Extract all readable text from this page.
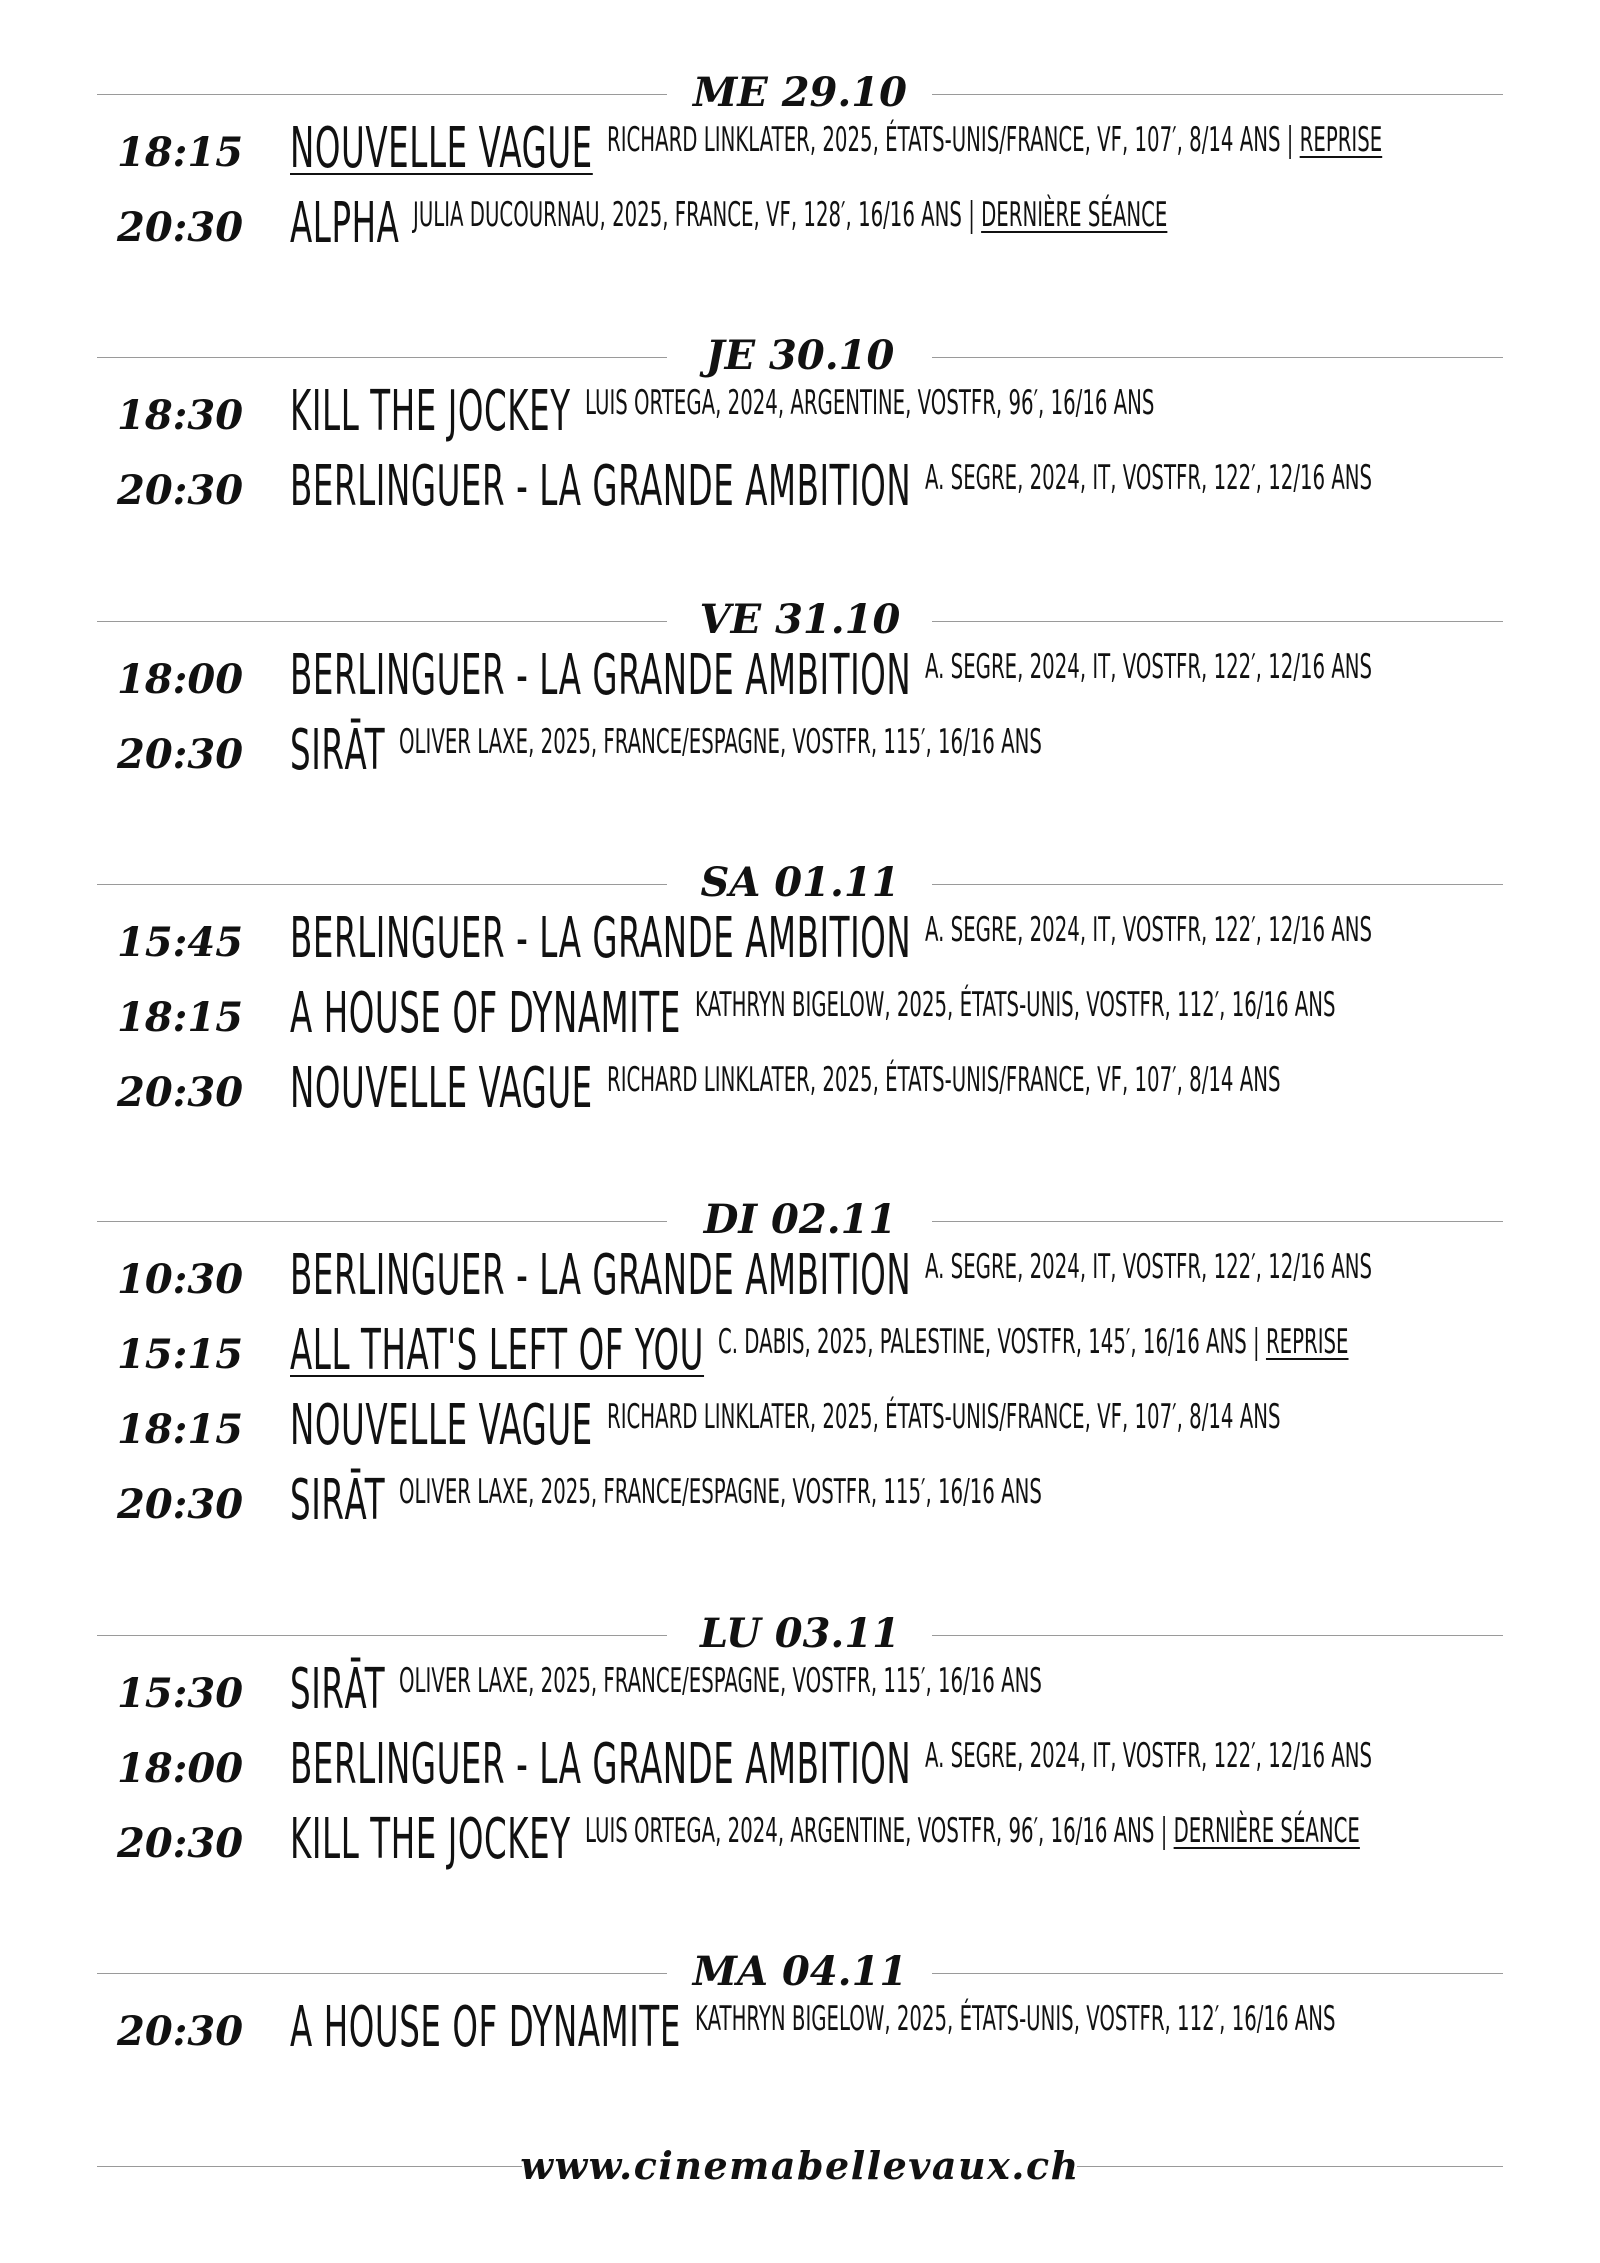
ME 29.10
18:15 NOUVELLE VAGUE RICHARD LINKLATER, 2025, ÉTATS-UNIS/FRANCE, VF, 107′, 8/14 ANS | REPRISE
20:30 ALPHA JULIA DUCOURNAU, 2025, FRANCE, VF, 128′, 16/16 ANS | DERNIÈRE SÉANCE
JE 30.10
18:30 KILL THE JOCKEY LUIS ORTEGA, 2024, ARGENTINE, VOSTFR, 96′, 16/16 ANS
20:30 BERLINGUER - LA GRANDE AMBITION A. SEGRE, 2024, IT, VOSTFR, 122′, 12/16 ANS
VE 31.10
18:00 BERLINGUER - LA GRANDE AMBITION A. SEGRE, 2024, IT, VOSTFR, 122′, 12/16 ANS
20:30 SIRĀT OLIVER LAXE, 2025, FRANCE/ESPAGNE, VOSTFR, 115′, 16/16 ANS
SA 01.11
15:45 BERLINGUER - LA GRANDE AMBITION A. SEGRE, 2024, IT, VOSTFR, 122′, 12/16 ANS
18:15 A HOUSE OF DYNAMITE KATHRYN BIGELOW, 2025, ÉTATS-UNIS, VOSTFR, 112′, 16/16 ANS
20:30 NOUVELLE VAGUE RICHARD LINKLATER, 2025, ÉTATS-UNIS/FRANCE, VF, 107′, 8/14 ANS
DI 02.11
10:30 BERLINGUER - LA GRANDE AMBITION A. SEGRE, 2024, IT, VOSTFR, 122′, 12/16 ANS
15:15 ALL THAT'S LEFT OF YOU C. DABIS, 2025, PALESTINE, VOSTFR, 145′, 16/16 ANS | REPRISE
18:15 NOUVELLE VAGUE RICHARD LINKLATER, 2025, ÉTATS-UNIS/FRANCE, VF, 107′, 8/14 ANS
20:30 SIRĀT OLIVER LAXE, 2025, FRANCE/ESPAGNE, VOSTFR, 115′, 16/16 ANS
LU 03.11
15:30 SIRĀT OLIVER LAXE, 2025, FRANCE/ESPAGNE, VOSTFR, 115′, 16/16 ANS
18:00 BERLINGUER - LA GRANDE AMBITION A. SEGRE, 2024, IT, VOSTFR, 122′, 12/16 ANS
20:30 KILL THE JOCKEY LUIS ORTEGA, 2024, ARGENTINE, VOSTFR, 96′, 16/16 ANS | DERNIÈRE SÉANCE
MA 04.11
20:30 A HOUSE OF DYNAMITE KATHRYN BIGELOW, 2025, ÉTATS-UNIS, VOSTFR, 112′, 16/16 ANS
www.cinemabellevaux.ch
